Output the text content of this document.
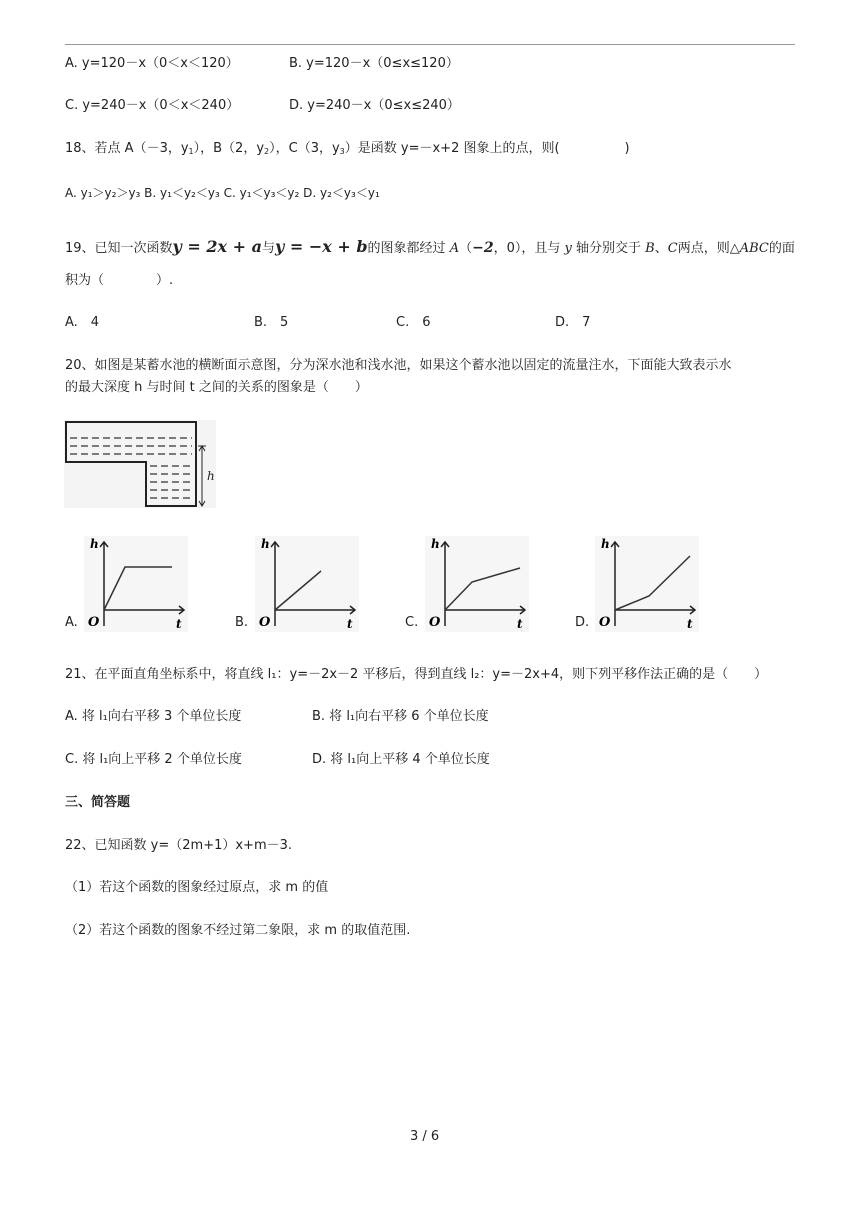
A. y=120－x（0＜x＜120）	B. y=120－x（0≤x≤120）
C. y=240－x（0＜x＜240）	D. y=240－x（0≤x≤240）
18、若点 A（－3，y1），B（2，y2），C（3，y3）是函数 y=－x+2 图象上的点，则(　　　　　)
A. y₁＞y₂＞y₃ B. y₁＜y₂＜y₃ C. y₁＜y₃＜y₂ D. y₂＜y₃＜y₁
19、已知一次函数y = 2x + a与y = −x + b的图象都经过 A（−2，0），且与 y 轴分别交于 B、C两点，则△ABC的面
积为（　　　　）.
A.　4	B.　5	C.　6	D.　7
20、如图是某蓄水池的横断面示意图，分为深水池和浅水池，如果这个蓄水池以固定的流量注水，下面能大致表示水
的最大深度 h 与时间 t 之间的关系的图象是（　　）
h
A.
h
t
O	B.
h
t
O	C.
h
t
O	D.
h
t
O
21、在平面直角坐标系中，将直线 l₁：y=－2x－2 平移后，得到直线 l₂：y=－2x+4，则下列平移作法正确的是（　　）
A. 将 l₁向右平移 3 个单位长度	B. 将 l₁向右平移 6 个单位长度
C. 将 l₁向上平移 2 个单位长度	D. 将 l₁向上平移 4 个单位长度
三、简答题
22、已知函数 y=（2m+1）x+m－3.
（1）若这个函数的图象经过原点，求 m 的值
（2）若这个函数的图象不经过第二象限，求 m 的取值范围.
3 / 6
